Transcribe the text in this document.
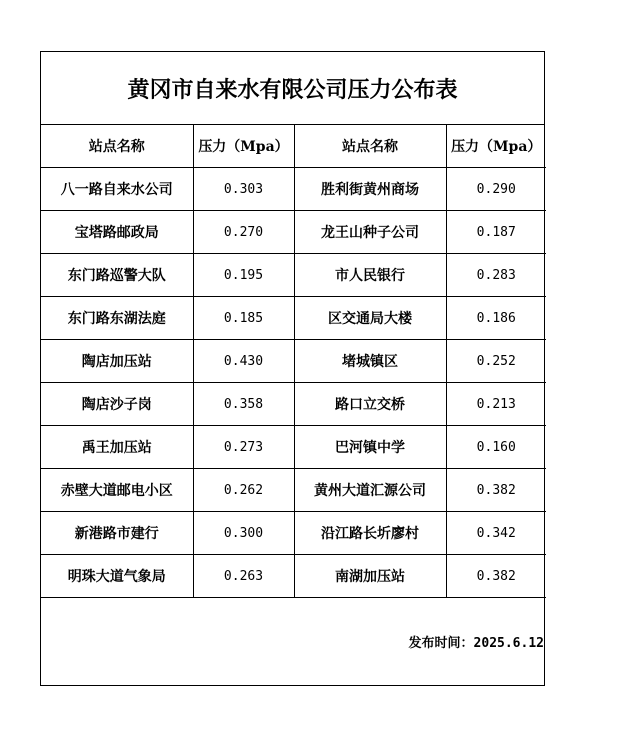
黄冈市自来水有限公司压力公布表
站点名称	压力（Mpa）	站点名称	压力（Mpa）
八一路自来水公司	0.303	胜利街黄州商场	0.290
宝塔路邮政局	0.270	龙王山种子公司	0.187
东门路巡警大队	0.195	市人民银行	0.283
东门路东湖法庭	0.185	区交通局大楼	0.186
陶店加压站	0.430	堵城镇区	0.252
陶店沙子岗	0.358	路口立交桥	0.213
禹王加压站	0.273	巴河镇中学	0.160
赤壁大道邮电小区	0.262	黄州大道汇源公司	0.382
新港路市建行	0.300	沿江路长圻廖村	0.342
明珠大道气象局	0.263	南湖加压站	0.382
发布时间：2025.6.12
